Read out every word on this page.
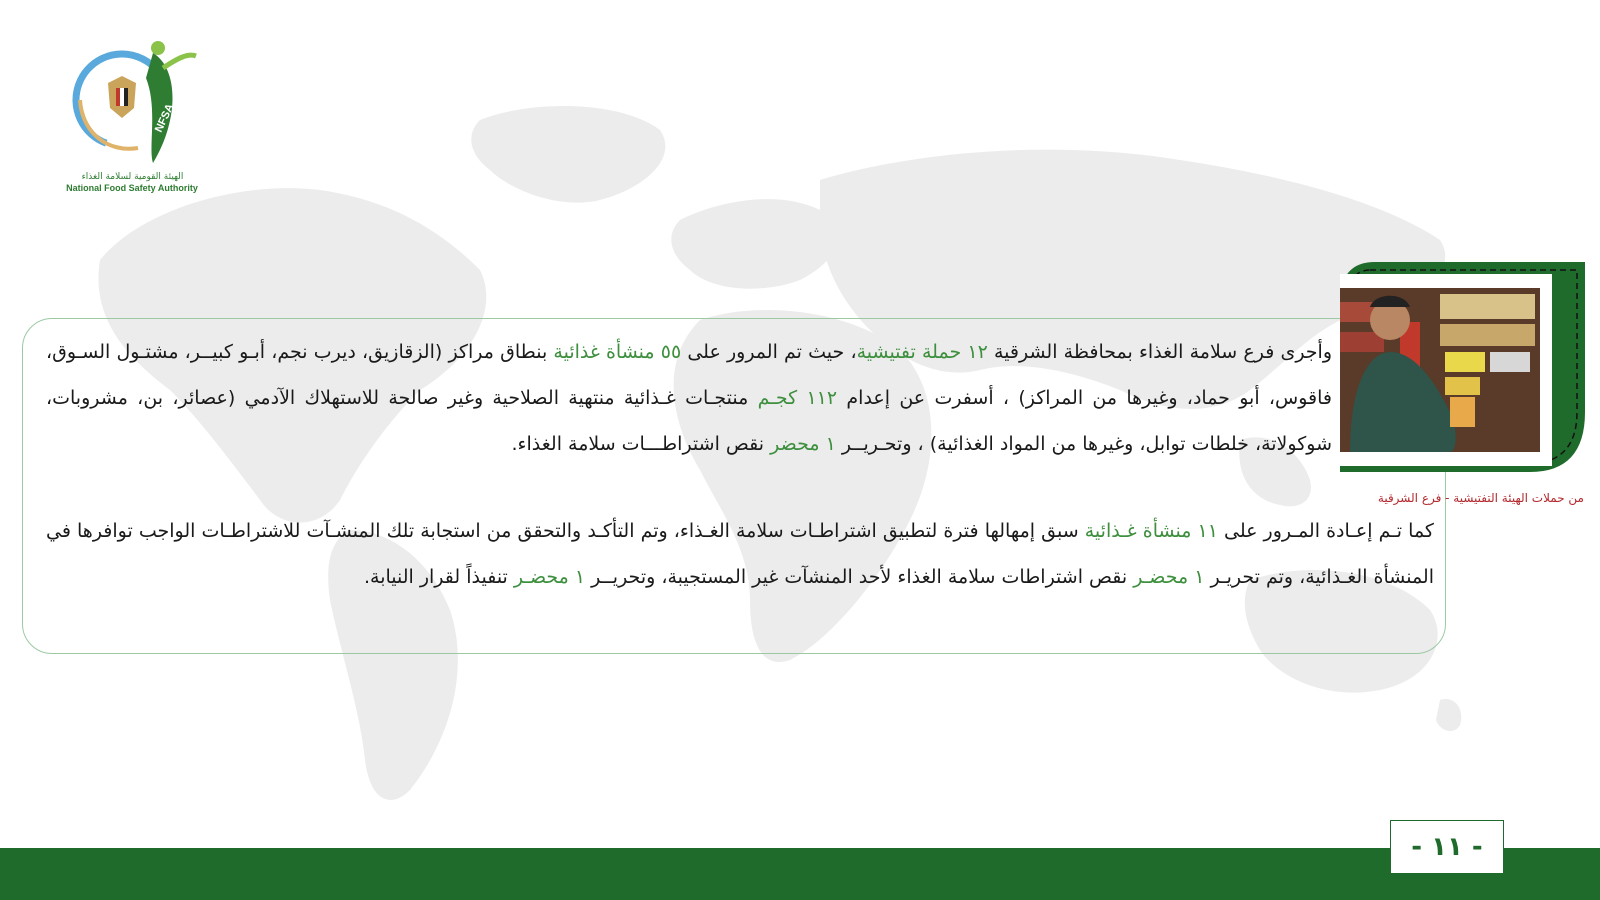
NFSA
الهيئة القومية لسلامة الغذاء
National Food Safety Authority
وأجرى فرع سلامة الغذاء بمحافظة الشرقية ١٢ حملة تفتيشية، حيث تم المرور على ٥٥ منشأة غذائية بنطاق مراكز (الزقازيق، ديرب نجم، أبـو كبيــر، مشتـول السـوق، فاقوس، أبو حماد، وغيرها من المراكز) ، أسفرت عن إعدام ١١٢ كجـم منتجـات غـذائية منتهية الصلاحية وغير صالحة للاستهلاك الآدمي (عصائر، بن، مشروبات، شوكولاتة، خلطات توابل، وغيرها من المواد الغذائية) ، وتحـريــر ١ محضر نقص اشتراطـــات سلامة الغذاء.
كما تـم إعـادة المـرور على ١١ منشأة غـذائية سبق إمهالها فترة لتطبيق اشتراطـات سلامة الغـذاء، وتم التأكـد والتحقق من استجابة تلك المنشـآت للاشتراطـات الواجب توافرها في المنشأة الغـذائية، وتم تحريـر ١ محضـر نقص اشتراطات سلامة الغذاء لأحد المنشآت غير المستجيبة، وتحريــر ١ محضـر تنفيذاً لقرار النيابة.
من حملات الهيئة التفتيشية - فرع الشرقية
- ١١ -
